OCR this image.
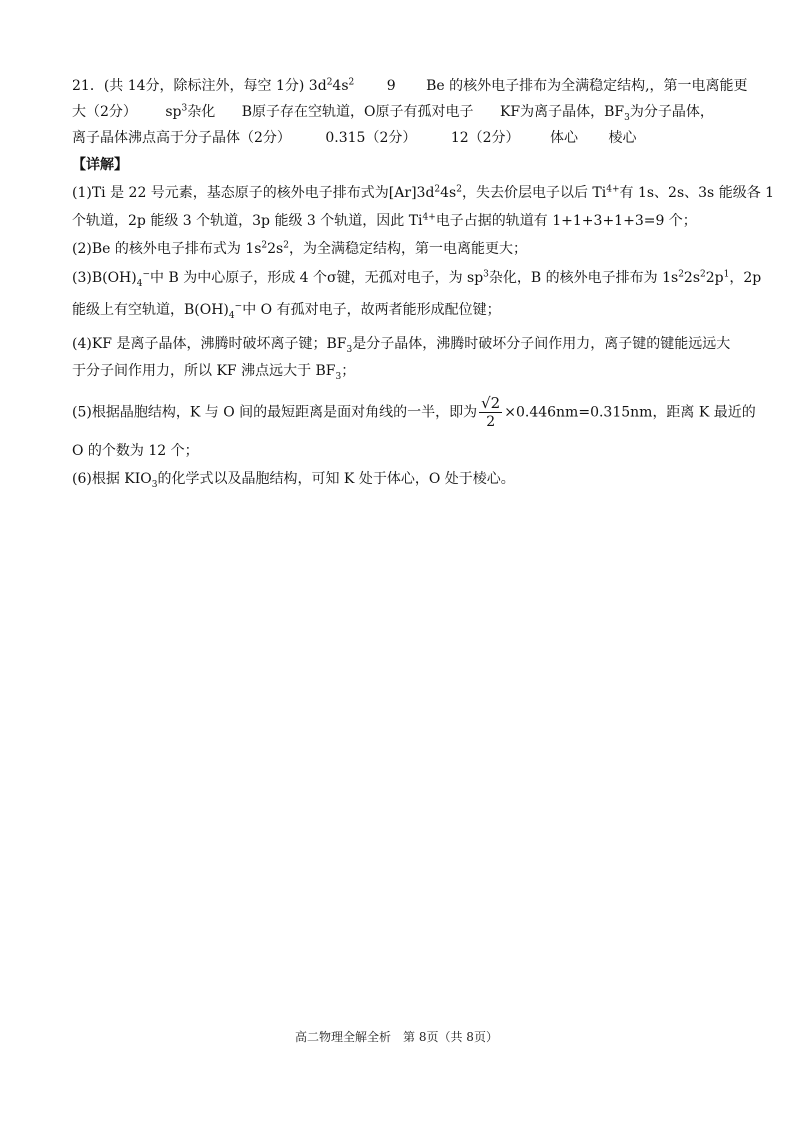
21．(共 14分，除标注外，每空 1分) $3d^24s^2$ 9 Be 的核外电子排布为全满稳定结构,，第一电离能更
大（2分） $sp^3$杂化 B原子存在空轨道，O原子有孤对电子 KF为离子晶体，$BF_3$为分子晶体，
离子晶体沸点高于分子晶体（2分） 0.315（2分） 12（2分） 体心 棱心
【详解】
(1)Ti 是 22 号元素，基态原子的核外电子排布式为$[Ar]3d^24s^2$，失去价层电子以后 $Ti^{4+}$有 1s、2s、3s 能级各 1
个轨道，2p 能级 3 个轨道，3p 能级 3 个轨道，因此 $Ti^{4+}$电子占据的轨道有 1+1+3+1+3=9 个；
(2)Be 的核外电子排布式为 $1s^22s^2$，为全满稳定结构，第一电离能更大；
$(3)B(OH)_4^-$中 B 为中心原子，形成 4 个σ键，无孤对电子，为 $sp^3$杂化，B 的核外电子排布为 $1s^22s^22p^1$，2p
能级上有空轨道，$B(OH)_4^-$中 O 有孤对电子，故两者能形成配位键；
(4)KF 是离子晶体，沸腾时破坏离子键；$BF_3$是分子晶体，沸腾时破坏分子间作用力，离子键的键能远远大
于分子间作用力，所以 KF 沸点远大于 $BF_3$；
(5)根据晶胞结构，K 与 O 间的最短距离是面对角线的一半，即为 $\frac{√2}{2} \times 0.446nm=0.315nm$，距离 K 最近的
O 的个数为 12 个；
(6)根据 $KIO_3$的化学式以及晶胞结构，可知 K 处于体心，O 处于棱心。
高二物理全解全析　第 8页（共 8页）
